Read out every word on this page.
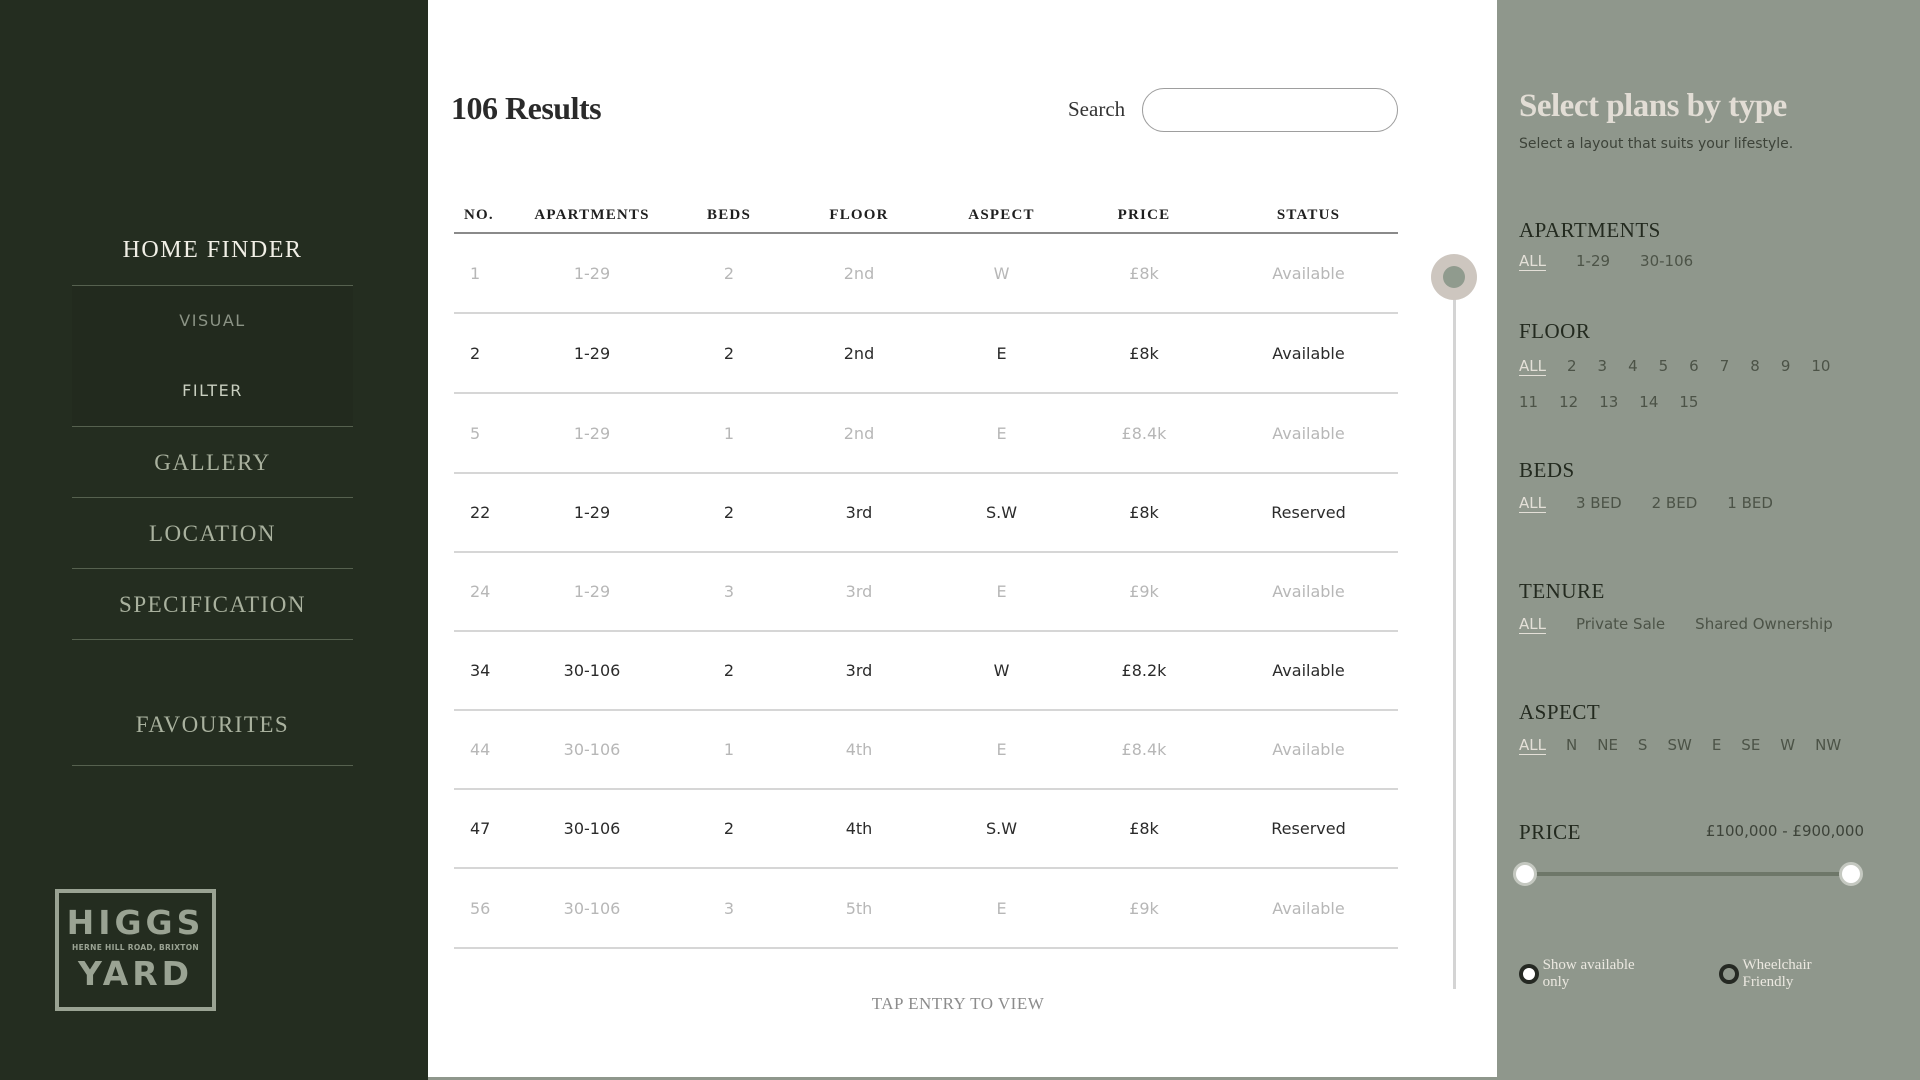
HOME FINDER
VISUAL
FILTER
GALLERY
LOCATION
SPECIFICATION
FAVOURITES
HIGGS
HERNE HILL ROAD, BRIXTON
YARD
106 Results	Search
NO.	APARTMENTS	BEDS	FLOOR	ASPECT	PRICE	STATUS
1	1-29	2	2nd	W	£8k	Available
2	1-29	2	2nd	E	£8k	Available
5	1-29	1	2nd	E	£8.4k	Available
22	1-29	2	3rd	S.W	£8k	Reserved
24	1-29	3	3rd	E	£9k	Available
34	30-106	2	3rd	W	£8.2k	Available
44	30-106	1	4th	E	£8.4k	Available
47	30-106	2	4th	S.W	£8k	Reserved
56	30-106	3	5th	E	£9k	Available
TAP ENTRY TO VIEW
Select plans by type

Select a layout that suits your lifestyle.

APARTMENTS
ALL 1-29 30-106
FLOOR
ALL 2 3 4 5 6 7 8 9 10
11 12 13 14 15
BEDS
ALL 3 BED 2 BED 1 BED
TENURE
ALL Private Sale Shared Ownership
ASPECT
ALL N NE S SW E SE W NW
PRICE	£100,000 - £900,000
Show available only
Wheelchair Friendly
